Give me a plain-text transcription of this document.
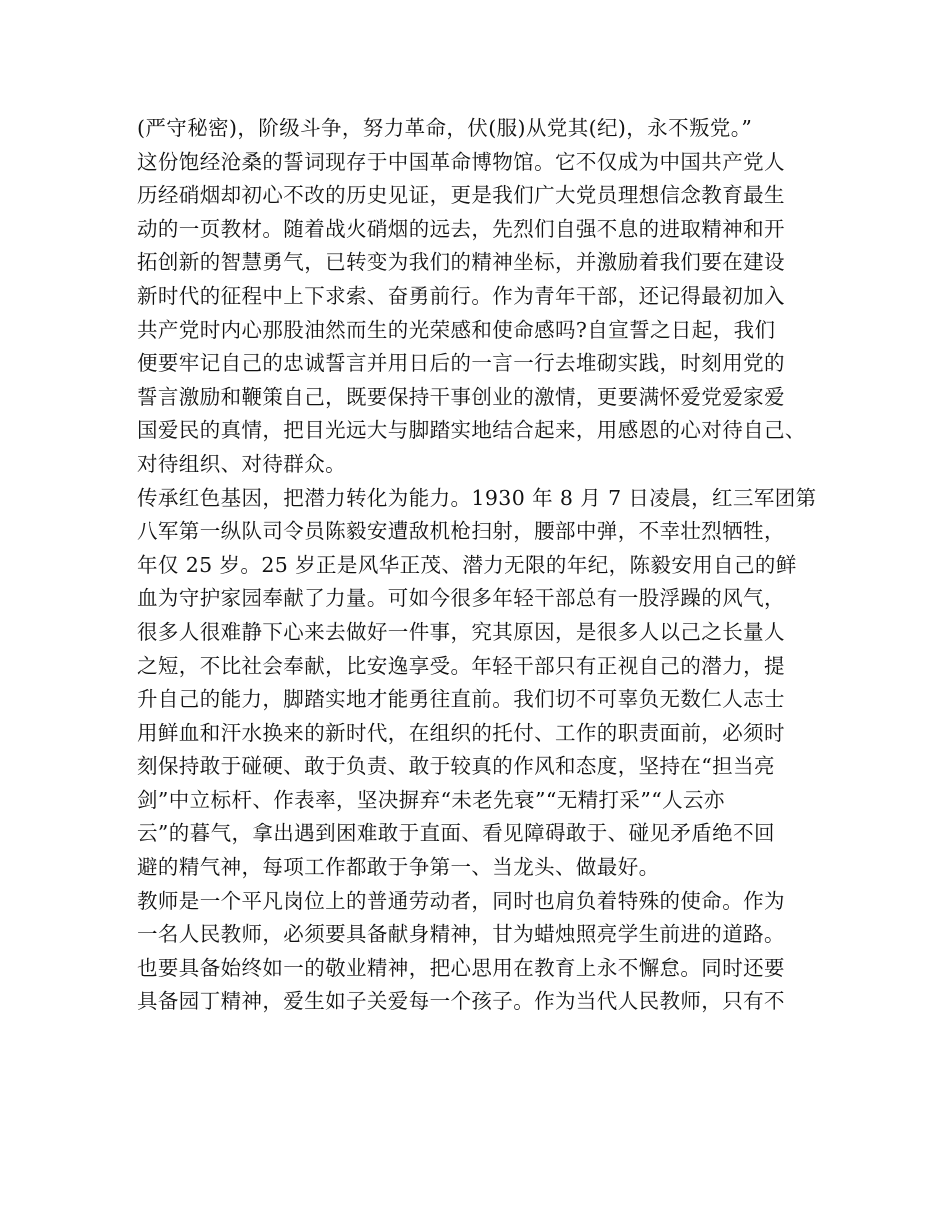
(严守秘密)，阶级斗争，努力革命，伏(服)从党其(纪)，永不叛党。”
这份饱经沧桑的誓词现存于中国革命博物馆。它不仅成为中国共产党人
历经硝烟却初心不改的历史见证，更是我们广大党员理想信念教育最生
动的一页教材。随着战火硝烟的远去，先烈们自强不息的进取精神和开
拓创新的智慧勇气，已转变为我们的精神坐标，并激励着我们要在建设
新时代的征程中上下求索、奋勇前行。作为青年干部，还记得最初加入
共产党时内心那股油然而生的光荣感和使命感吗?自宣誓之日起，我们
便要牢记自己的忠诚誓言并用日后的一言一行去堆砌实践，时刻用党的
誓言激励和鞭策自己，既要保持干事创业的激情，更要满怀爱党爱家爱
国爱民的真情，把目光远大与脚踏实地结合起来，用感恩的心对待自己、
对待组织、对待群众。
传承红色基因，把潜力转化为能力。1930 年 8 月 7 日凌晨，红三军团第
八军第一纵队司令员陈毅安遭敌机枪扫射，腰部中弹，不幸壮烈牺牲，
年仅 25 岁。25 岁正是风华正茂、潜力无限的年纪，陈毅安用自己的鲜
血为守护家园奉献了力量。可如今很多年轻干部总有一股浮躁的风气，
很多人很难静下心来去做好一件事，究其原因，是很多人以己之长量人
之短，不比社会奉献，比安逸享受。年轻干部只有正视自己的潜力，提
升自己的能力，脚踏实地才能勇往直前。我们切不可辜负无数仁人志士
用鲜血和汗水换来的新时代，在组织的托付、工作的职责面前，必须时
刻保持敢于碰硬、敢于负责、敢于较真的作风和态度，坚持在“担当亮
剑”中立标杆、作表率，坚决摒弃“未老先衰”“无精打采”“人云亦
云”的暮气，拿出遇到困难敢于直面、看见障碍敢于、碰见矛盾绝不回
避的精气神，每项工作都敢于争第一、当龙头、做最好。
教师是一个平凡岗位上的普通劳动者，同时也肩负着特殊的使命。作为
一名人民教师，必须要具备献身精神，甘为蜡烛照亮学生前进的道路。
也要具备始终如一的敬业精神，把心思用在教育上永不懈怠。同时还要
具备园丁精神，爱生如子关爱每一个孩子。作为当代人民教师，只有不
